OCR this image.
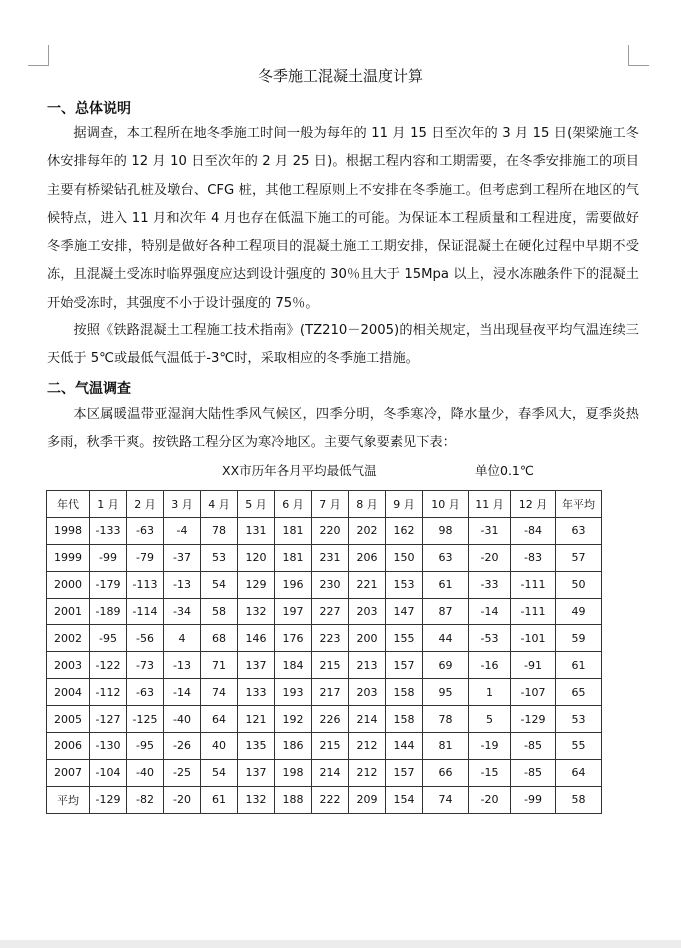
冬季施工混凝土温度计算
一、总体说明
据调查，本工程所在地冬季施工时间一般为每年的 11 月 15 日至次年的 3 月 15 日(架梁施工冬休安排每年的 12 月 10 日至次年的 2 月 25 日)。根据工程内容和工期需要，在冬季安排施工的项目主要有桥梁钻孔桩及墩台、CFG 桩，其他工程原则上不安排在冬季施工。但考虑到工程所在地区的气候特点，进入 11 月和次年 4 月也存在低温下施工的可能。为保证本工程质量和工程进度，需要做好冬季施工安排，特别是做好各种工程项目的混凝土施工工期安排，保证混凝土在硬化过程中早期不受冻，且混凝土受冻时临界强度应达到设计强度的 30％且大于 15Mpa 以上，浸水冻融条件下的混凝土开始受冻时，其强度不小于设计强度的 75％。
按照《铁路混凝土工程施工技术指南》(TZ210－2005)的相关规定，当出现昼夜平均气温连续三天低于 5℃或最低气温低于-3℃时，采取相应的冬季施工措施。
二、气温调查
本区属暖温带亚湿润大陆性季风气候区，四季分明，冬季寒冷，降水量少，春季风大，夏季炎热多雨，秋季干爽。按铁路工程分区为寒冷地区。主要气象要素见下表：
XX市历年各月平均最低气温	单位0.1℃
年代	1 月	2 月	3 月	4 月	5 月	6 月	7 月	8 月	9 月	10 月	11 月	12 月	年平均
1998	-133	-63	-4	78	131	181	220	202	162	98	-31	-84	63
1999	-99	-79	-37	53	120	181	231	206	150	63	-20	-83	57
2000	-179	-113	-13	54	129	196	230	221	153	61	-33	-111	50
2001	-189	-114	-34	58	132	197	227	203	147	87	-14	-111	49
2002	-95	-56	4	68	146	176	223	200	155	44	-53	-101	59
2003	-122	-73	-13	71	137	184	215	213	157	69	-16	-91	61
2004	-112	-63	-14	74	133	193	217	203	158	95	1	-107	65
2005	-127	-125	-40	64	121	192	226	214	158	78	5	-129	53
2006	-130	-95	-26	40	135	186	215	212	144	81	-19	-85	55
2007	-104	-40	-25	54	137	198	214	212	157	66	-15	-85	64
平均	-129	-82	-20	61	132	188	222	209	154	74	-20	-99	58
